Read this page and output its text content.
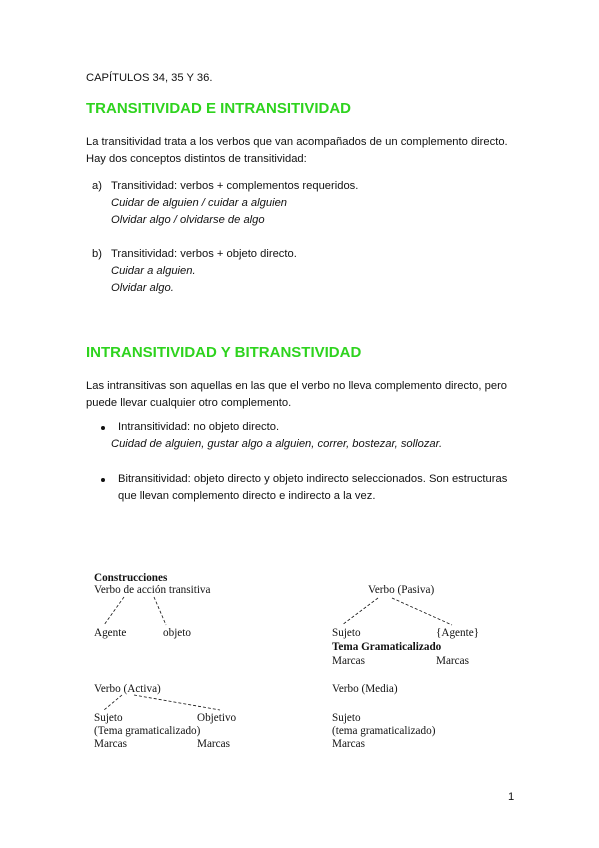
CAPÍTULOS 34, 35 Y 36.
TRANSITIVIDAD E INTRANSITIVIDAD
La transitividad trata a los verbos que van acompañados de un complemento directo.
Hay dos conceptos distintos de transitividad:
a) Transitividad: verbos + complementos requeridos.
Cuidar de alguien / cuidar a alguien
Olvidar algo / olvidarse de algo
b) Transitividad: verbos + objeto directo.
Cuidar a alguien.
Olvidar algo.
INTRANSITIVIDAD Y BITRANSTIVIDAD
Las intransitivas son aquellas en las que el verbo no lleva complemento directo, pero
puede llevar cualquier otro complemento.
Intransitividad: no objeto directo.
Cuidad de alguien, gustar algo a alguien, correr, bostezar, sollozar.
Bitransitividad: objeto directo y objeto indirecto seleccionados. Son estructuras
que llevan complemento directo e indirecto a la vez.
Construcciones
Verbo de acción transitiva
Agente	objeto
Verbo (Pasiva)
Sujeto	{Agente}
Tema Gramaticalizado
Marcas	Marcas
Verbo (Activa)
Sujeto	Objetivo
(Tema gramaticalizado)
Marcas	Marcas
Verbo (Media)
Sujeto
(tema gramaticalizado)
Marcas
1
